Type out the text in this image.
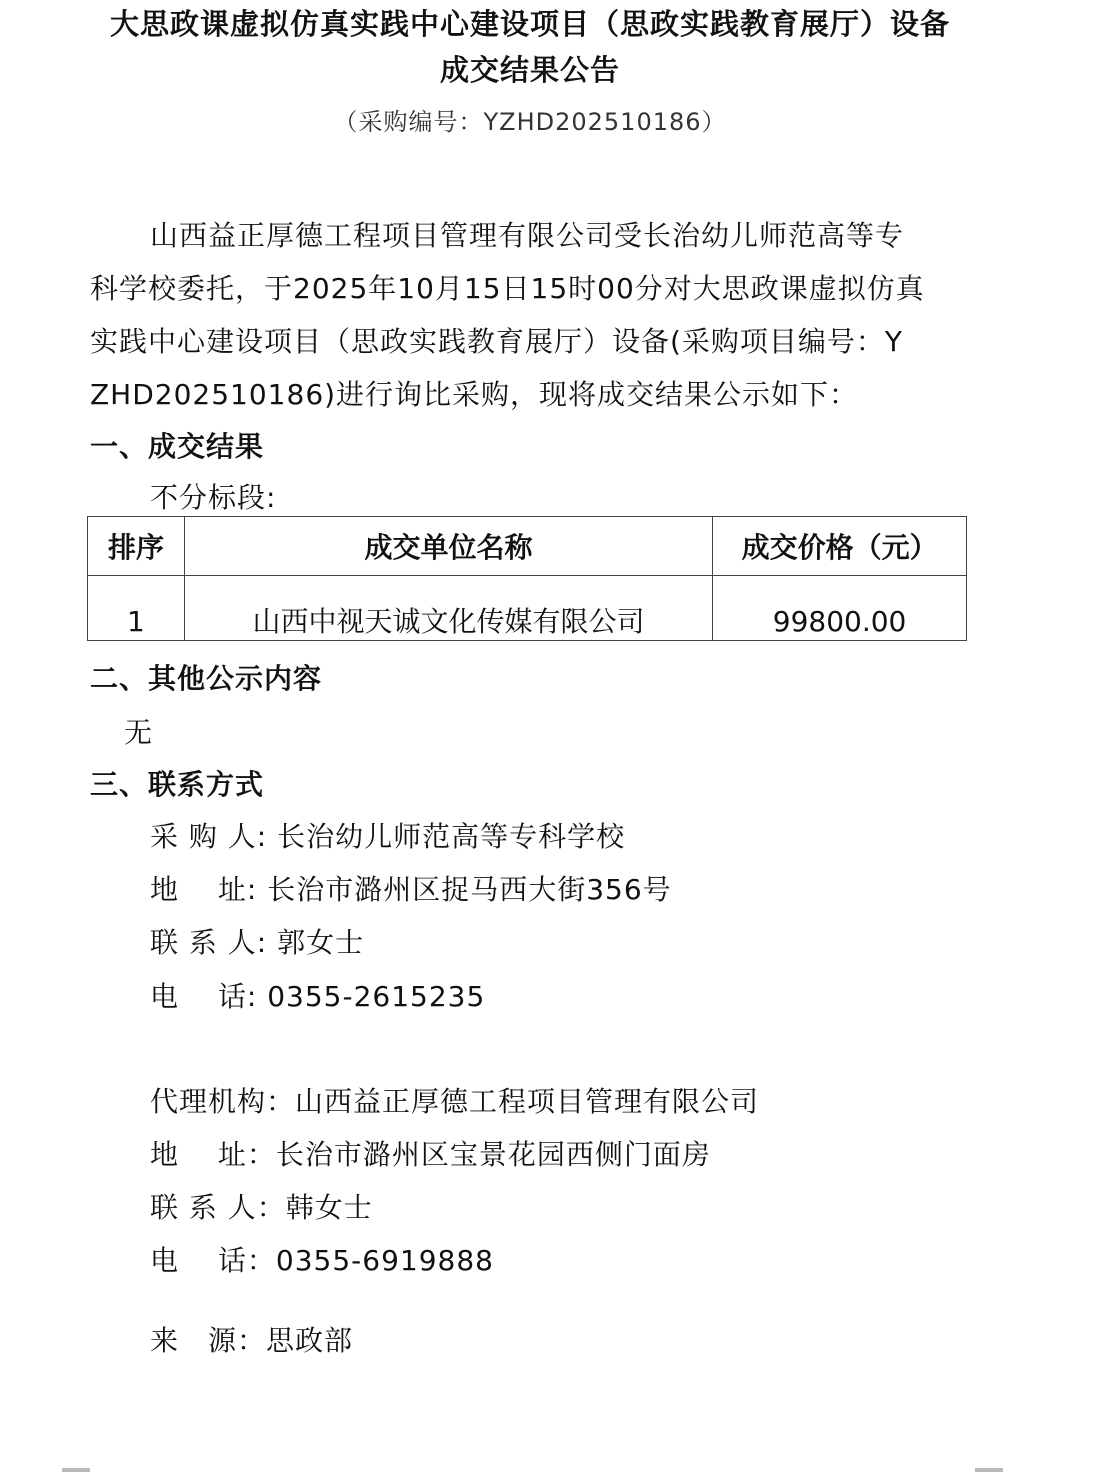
大思政课虚拟仿真实践中心建设项目（思政实践教育展厅）设备
成交结果公告
（采购编号：YZHD202510186）
山西益正厚德工程项目管理有限公司受长治幼儿师范高等专
科学校委托，于2025年10月15日15时00分对大思政课虚拟仿真
实践中心建设项目（思政实践教育展厅）设备(采购项目编号：Y
ZHD202510186)进行询比采购，现将成交结果公示如下：
一、成交结果
不分标段:
排序	成交单位名称	成交价格（元）
1	山西中视天诚文化传媒有限公司	99800.00
二、其他公示内容
无
三、联系方式
采 购 人: 长治幼儿师范高等专科学校
地　 址: 长治市潞州区捉马西大街356号
联 系 人: 郭女士
电　 话: 0355-2615235
代理机构：山西益正厚德工程项目管理有限公司
地　 址：长治市潞州区宝景花园西侧门面房
联 系 人：韩女士
电　 话：0355-6919888
来　源：思政部
